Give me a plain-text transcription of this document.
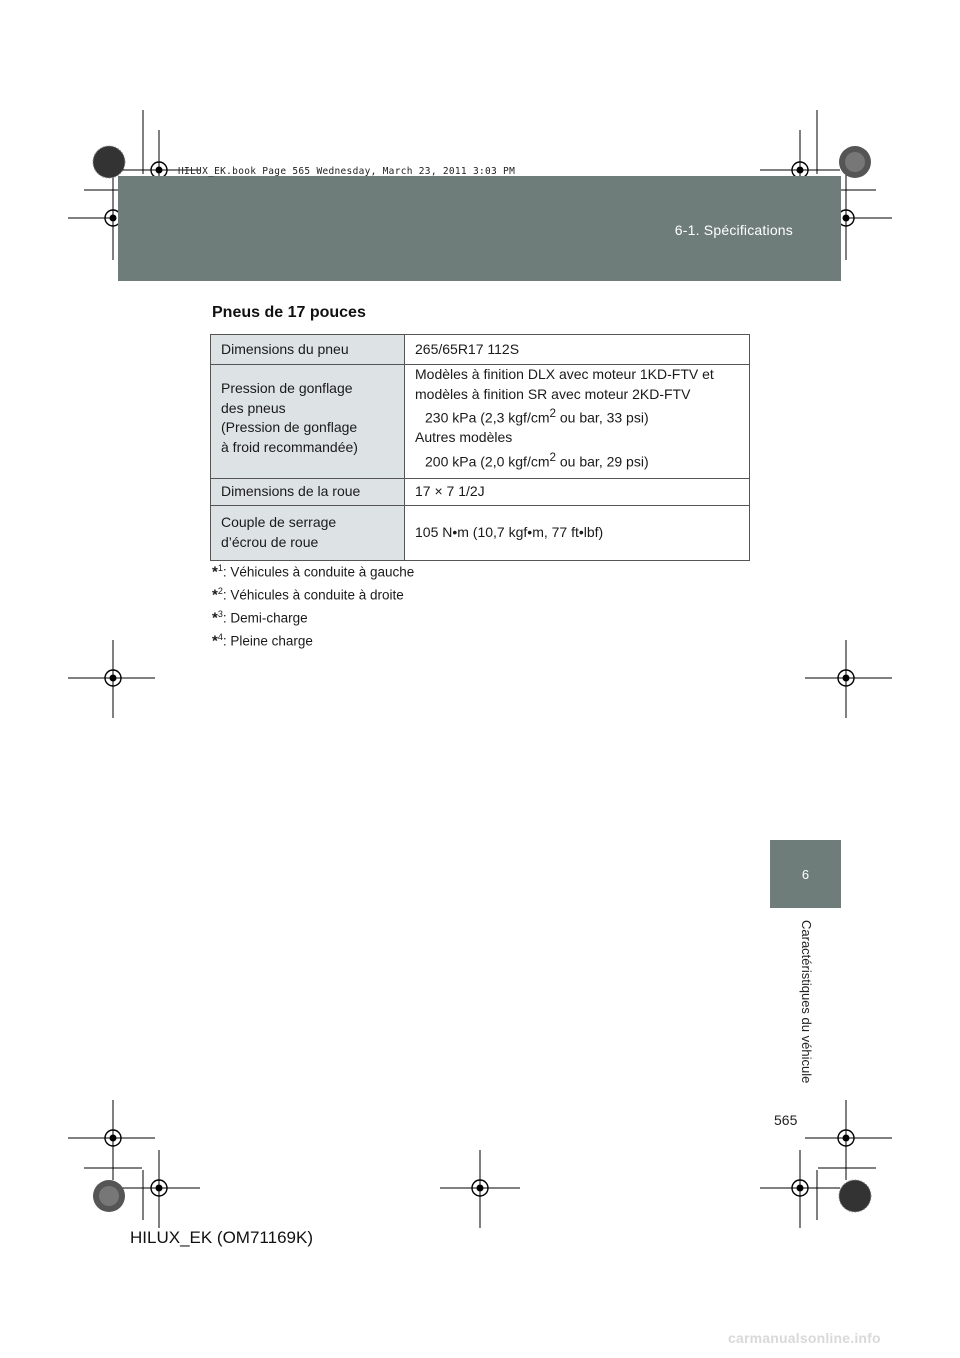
6-1. Spécifications
HILUX_EK.book Page 565 Wednesday, March 23, 2011 3:03 PM
6
Caractéristiques du véhicule
565
Pneus de 17 pouces
Dimensions du pneu	265/65R17 112S

Pression de gonflage
des pneus
(Pression de gonflage
à froid recommandée)	Modèles à finition DLX avec moteur 1KD-FTV et
modèles à finition SR avec moteur 2KD-FTV
230 kPa (2,3 kgf/$cm^2$ ou bar, 33 psi)
Autres modèles
200 kPa (2,0 kgf/$cm^2$ ou bar, 29 psi)

Dimensions de la roue	17 × 7 1/2J

Couple de serrage
d’écrou de roue	105 N•m (10,7 kgf•m, 77 ft•lbf)
*$^1$: Véhicules à conduite à gauche
*$^2$: Véhicules à conduite à droite
*$^3$: Demi-charge
*$^4$: Pleine charge
HILUX_EK (OM71169K)
carmanualsonline.info
